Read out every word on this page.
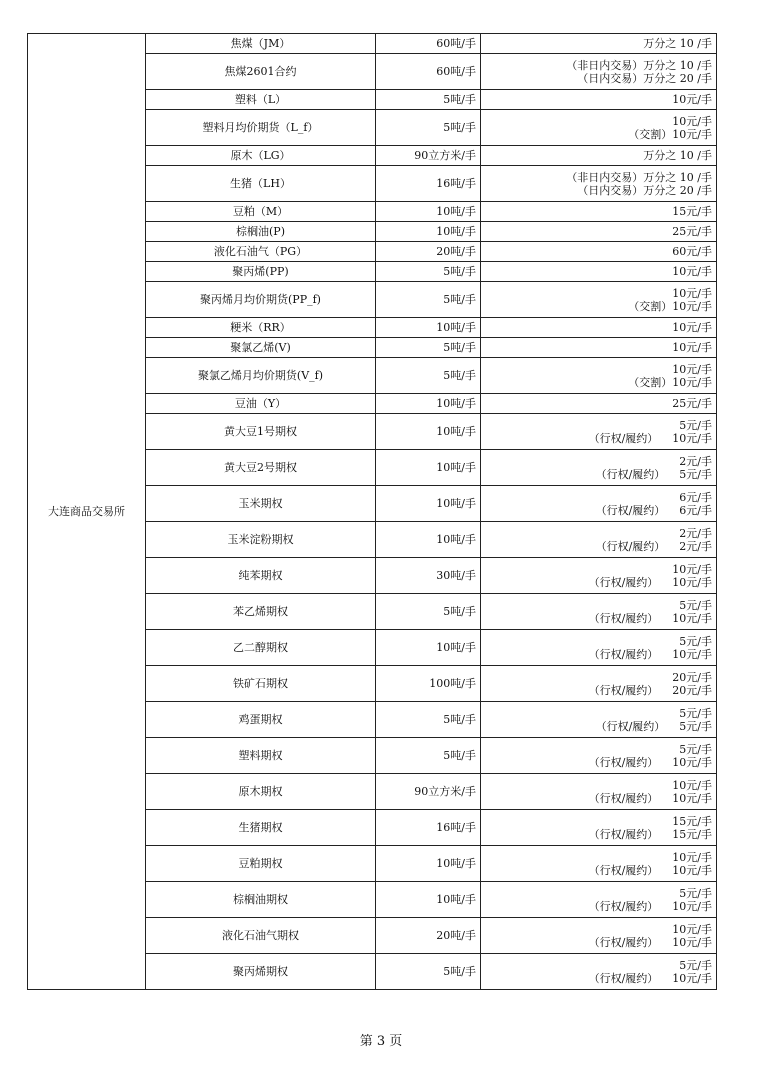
大连商品交易所	焦煤（JM）	60吨/手	万分之 10 /手

	焦煤2601合约	60吨/手	（非日内交易）万分之 10 /手
（日内交易）万分之 20 /手

	塑料（L）	5吨/手	10元/手

	塑料月均价期货（L_f）	5吨/手	10元/手
（交割）10元/手

	原木（LG）	90立方米/手	万分之 10 /手

	生猪（LH）	16吨/手	（非日内交易）万分之 10 /手
（日内交易）万分之 20 /手

	豆粕（M）	10吨/手	15元/手

	棕榈油(P)	10吨/手	25元/手

	液化石油气（PG）	20吨/手	60元/手

	聚丙烯(PP)	5吨/手	10元/手

	聚丙烯月均价期货(PP_f)	5吨/手	10元/手
（交割）10元/手

	粳米（RR）	10吨/手	10元/手

	聚氯乙烯(V)	5吨/手	10元/手

	聚氯乙烯月均价期货(V_f)	5吨/手	10元/手
（交割）10元/手

	豆油（Y）	10吨/手	25元/手

	黄大豆1号期权	10吨/手	5元/手
（行权/履约）    10元/手

	黄大豆2号期权	10吨/手	2元/手
（行权/履约）    5元/手

	玉米期权	10吨/手	6元/手
（行权/履约）    6元/手

	玉米淀粉期权	10吨/手	2元/手
（行权/履约）    2元/手

	纯苯期权	30吨/手	10元/手
（行权/履约）    10元/手

	苯乙烯期权	5吨/手	5元/手
（行权/履约）    10元/手

	乙二醇期权	10吨/手	5元/手
（行权/履约）    10元/手

	铁矿石期权	100吨/手	20元/手
（行权/履约）    20元/手

	鸡蛋期权	5吨/手	5元/手
（行权/履约）    5元/手

	塑料期权	5吨/手	5元/手
（行权/履约）    10元/手

	原木期权	90立方米/手	10元/手
（行权/履约）    10元/手

	生猪期权	16吨/手	15元/手
（行权/履约）    15元/手

	豆粕期权	10吨/手	10元/手
（行权/履约）    10元/手

	棕榈油期权	10吨/手	5元/手
（行权/履约）    10元/手

	液化石油气期权	20吨/手	10元/手
（行权/履约）    10元/手

	聚丙烯期权	5吨/手	5元/手
（行权/履约）    10元/手
第 3 页
